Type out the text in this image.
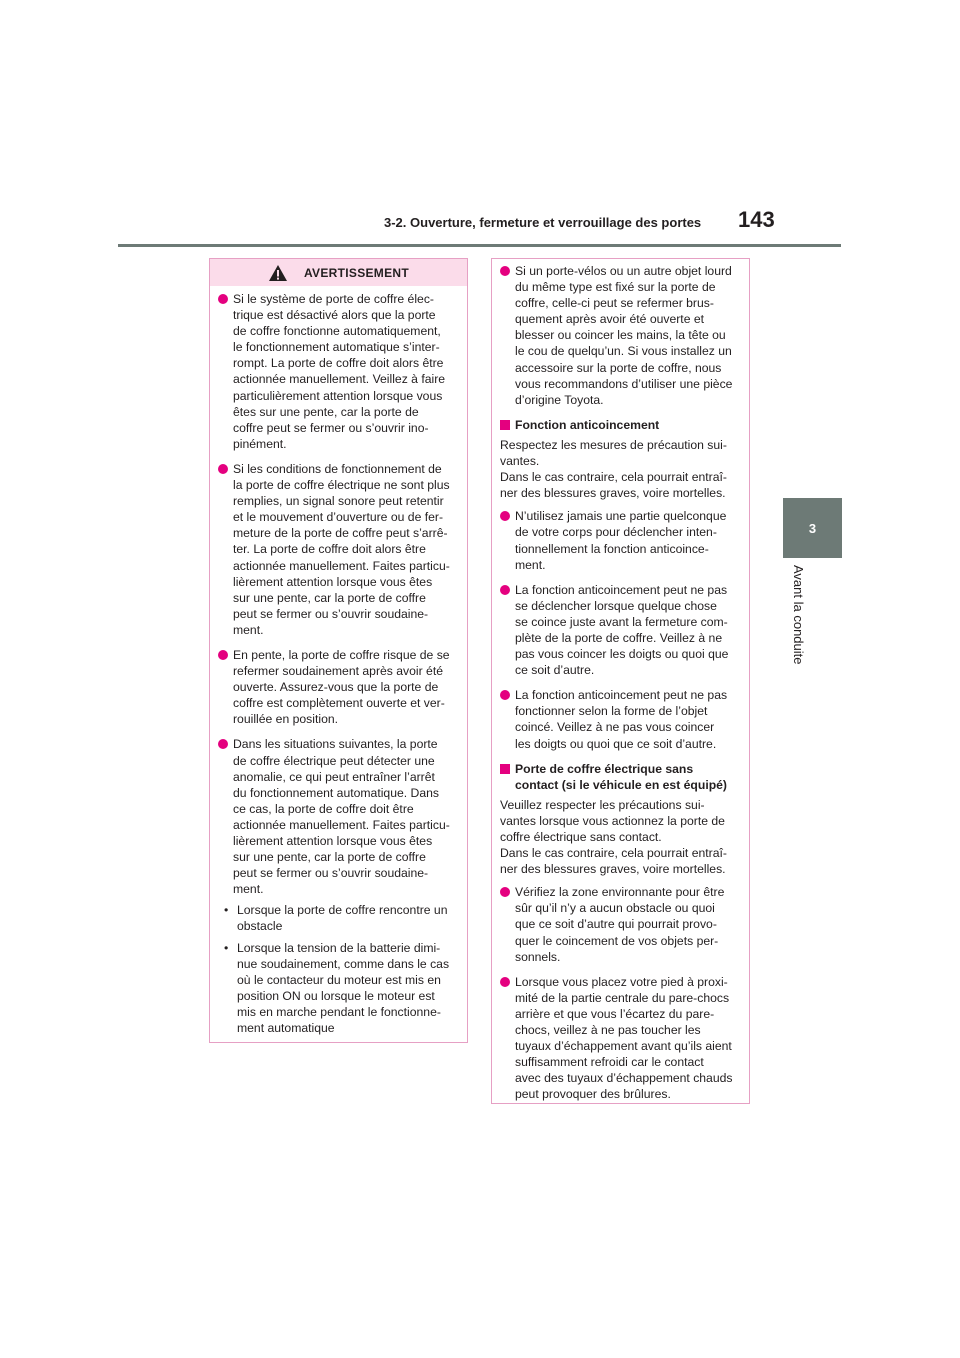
3-2. Ouverture, fermeture et verrouillage des portes 143
3
Avant la conduite
AVERTISSEMENT
Si le système de porte de coffre élec-
trique est désactivé alors que la porte
de coffre fonctionne automatiquement,
le fonctionnement automatique s’inter-
rompt. La porte de coffre doit alors être
actionnée manuellement. Veillez à faire
particulièrement attention lorsque vous
êtes sur une pente, car la porte de
coffre peut se fermer ou s’ouvrir ino-
pinément.
Si les conditions de fonctionnement de
la porte de coffre électrique ne sont plus
remplies, un signal sonore peut retentir
et le mouvement d’ouverture ou de fer-
meture de la porte de coffre peut s’arrê-
ter. La porte de coffre doit alors être
actionnée manuellement. Faites particu-
lièrement attention lorsque vous êtes
sur une pente, car la porte de coffre
peut se fermer ou s’ouvrir soudaine-
ment.
En pente, la porte de coffre risque de se
refermer soudainement après avoir été
ouverte. Assurez-vous que la porte de
coffre est complètement ouverte et ver-
rouillée en position.
Dans les situations suivantes, la porte
de coffre électrique peut détecter une
anomalie, ce qui peut entraîner l’arrêt
du fonctionnement automatique. Dans
ce cas, la porte de coffre doit être
actionnée manuellement. Faites particu-
lièrement attention lorsque vous êtes
sur une pente, car la porte de coffre
peut se fermer ou s’ouvrir soudaine-
ment.
• Lorsque la porte de coffre rencontre un
obstacle
• Lorsque la tension de la batterie dimi-
nue soudainement, comme dans le cas
où le contacteur du moteur est mis en
position ON ou lorsque le moteur est
mis en marche pendant le fonctionne-
ment automatique
Si un porte-vélos ou un autre objet lourd
du même type est fixé sur la porte de
coffre, celle-ci peut se refermer brus-
quement après avoir été ouverte et
blesser ou coincer les mains, la tête ou
le cou de quelqu’un. Si vous installez un
accessoire sur la porte de coffre, nous
vous recommandons d’utiliser une pièce
d’origine Toyota.
Fonction anticoincement
Respectez les mesures de précaution sui-
vantes.
Dans le cas contraire, cela pourrait entraî-
ner des blessures graves, voire mortelles.
N’utilisez jamais une partie quelconque
de votre corps pour déclencher inten-
tionnellement la fonction anticoince-
ment.
La fonction anticoincement peut ne pas
se déclencher lorsque quelque chose
se coince juste avant la fermeture com-
plète de la porte de coffre. Veillez à ne
pas vous coincer les doigts ou quoi que
ce soit d’autre.
La fonction anticoincement peut ne pas
fonctionner selon la forme de l’objet
coincé. Veillez à ne pas vous coincer
les doigts ou quoi que ce soit d’autre.
Porte de coffre électrique sans
contact (si le véhicule en est équipé)
Veuillez respecter les précautions sui-
vantes lorsque vous actionnez la porte de
coffre électrique sans contact.
Dans le cas contraire, cela pourrait entraî-
ner des blessures graves, voire mortelles.
Vérifiez la zone environnante pour être
sûr qu’il n’y a aucun obstacle ou quoi
que ce soit d’autre qui pourrait provo-
quer le coincement de vos objets per-
sonnels.
Lorsque vous placez votre pied à proxi-
mité de la partie centrale du pare-chocs
arrière et que vous l’écartez du pare-
chocs, veillez à ne pas toucher les
tuyaux d’échappement avant qu’ils aient
suffisamment refroidi car le contact
avec des tuyaux d’échappement chauds
peut provoquer des brûlures.
